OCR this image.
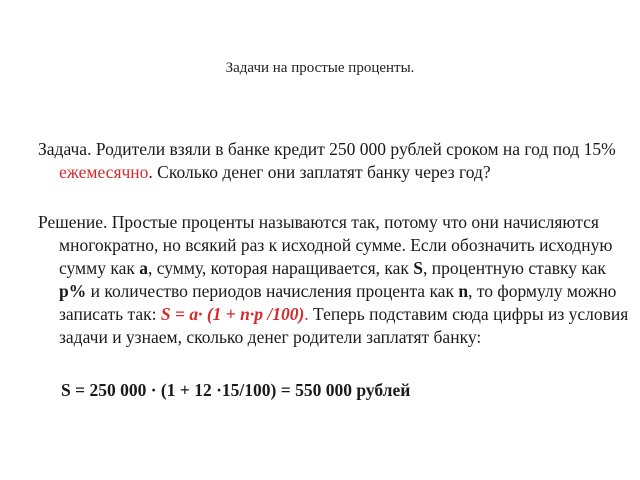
Задачи на простые проценты.

Задача. Родители взяли в банке кредит 250 000 рублей сроком на год под 15% ежемесячно. Сколько денег они заплатят банку через год?

Решение. Простые проценты называются так, потому что они начисляются многократно, но всякий раз к исходной сумме. Если обозначить исходную сумму как а, сумму, которая наращивается, как S, процентную ставку как р% и количество периодов начисления процента как n, то формулу можно записать так: S = a· (1 + n·p /100). Теперь подставим сюда цифры из условия задачи и узнаем, сколько денег родители заплатят банку:

S = 250 000 · (1 + 12 ·15/100) = 550 000 рублей
